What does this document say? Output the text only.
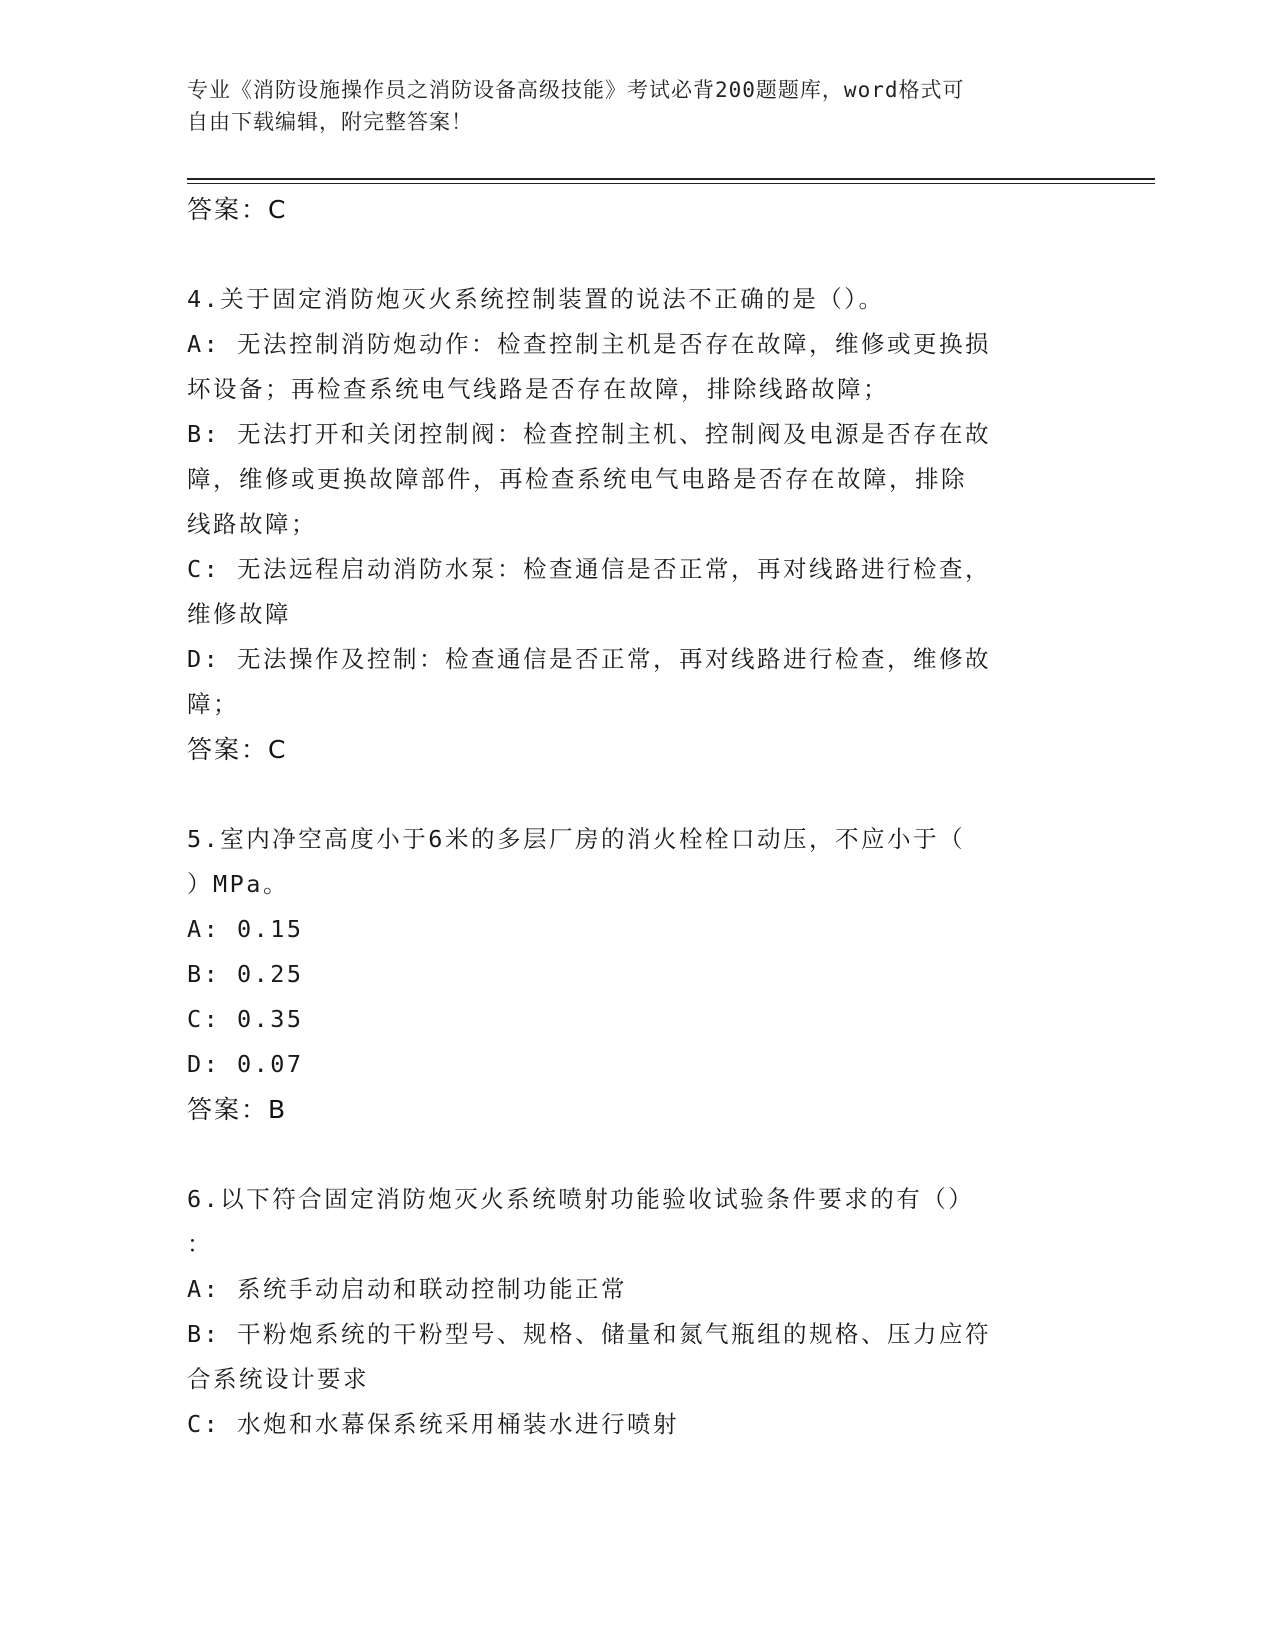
专业《消防设施操作员之消防设备高级技能》考试必背200题题库，word格式可
自由下载编辑，附完整答案！
答案：C
4.关于固定消防炮灭火系统控制装置的说法不正确的是（）。
A: 无法控制消防炮动作：检查控制主机是否存在故障，维修或更换损
坏设备；再检查系统电气线路是否存在故障，排除线路故障；
B: 无法打开和关闭控制阀：检查控制主机、控制阀及电源是否存在故
障，维修或更换故障部件，再检查系统电气电路是否存在故障，排除
线路故障；
C: 无法远程启动消防水泵：检查通信是否正常，再对线路进行检查，
维修故障
D: 无法操作及控制：检查通信是否正常，再对线路进行检查，维修故
障；
答案：C
5.室内净空高度小于6米的多层厂房的消火栓栓口动压，不应小于（
）MPa。
A: 0.15
B: 0.25
C: 0.35
D: 0.07
答案：B
6.以下符合固定消防炮灭火系统喷射功能验收试验条件要求的有（）
：
A: 系统手动启动和联动控制功能正常
B: 干粉炮系统的干粉型号、规格、储量和氮气瓶组的规格、压力应符
合系统设计要求
C: 水炮和水幕保系统采用桶装水进行喷射
